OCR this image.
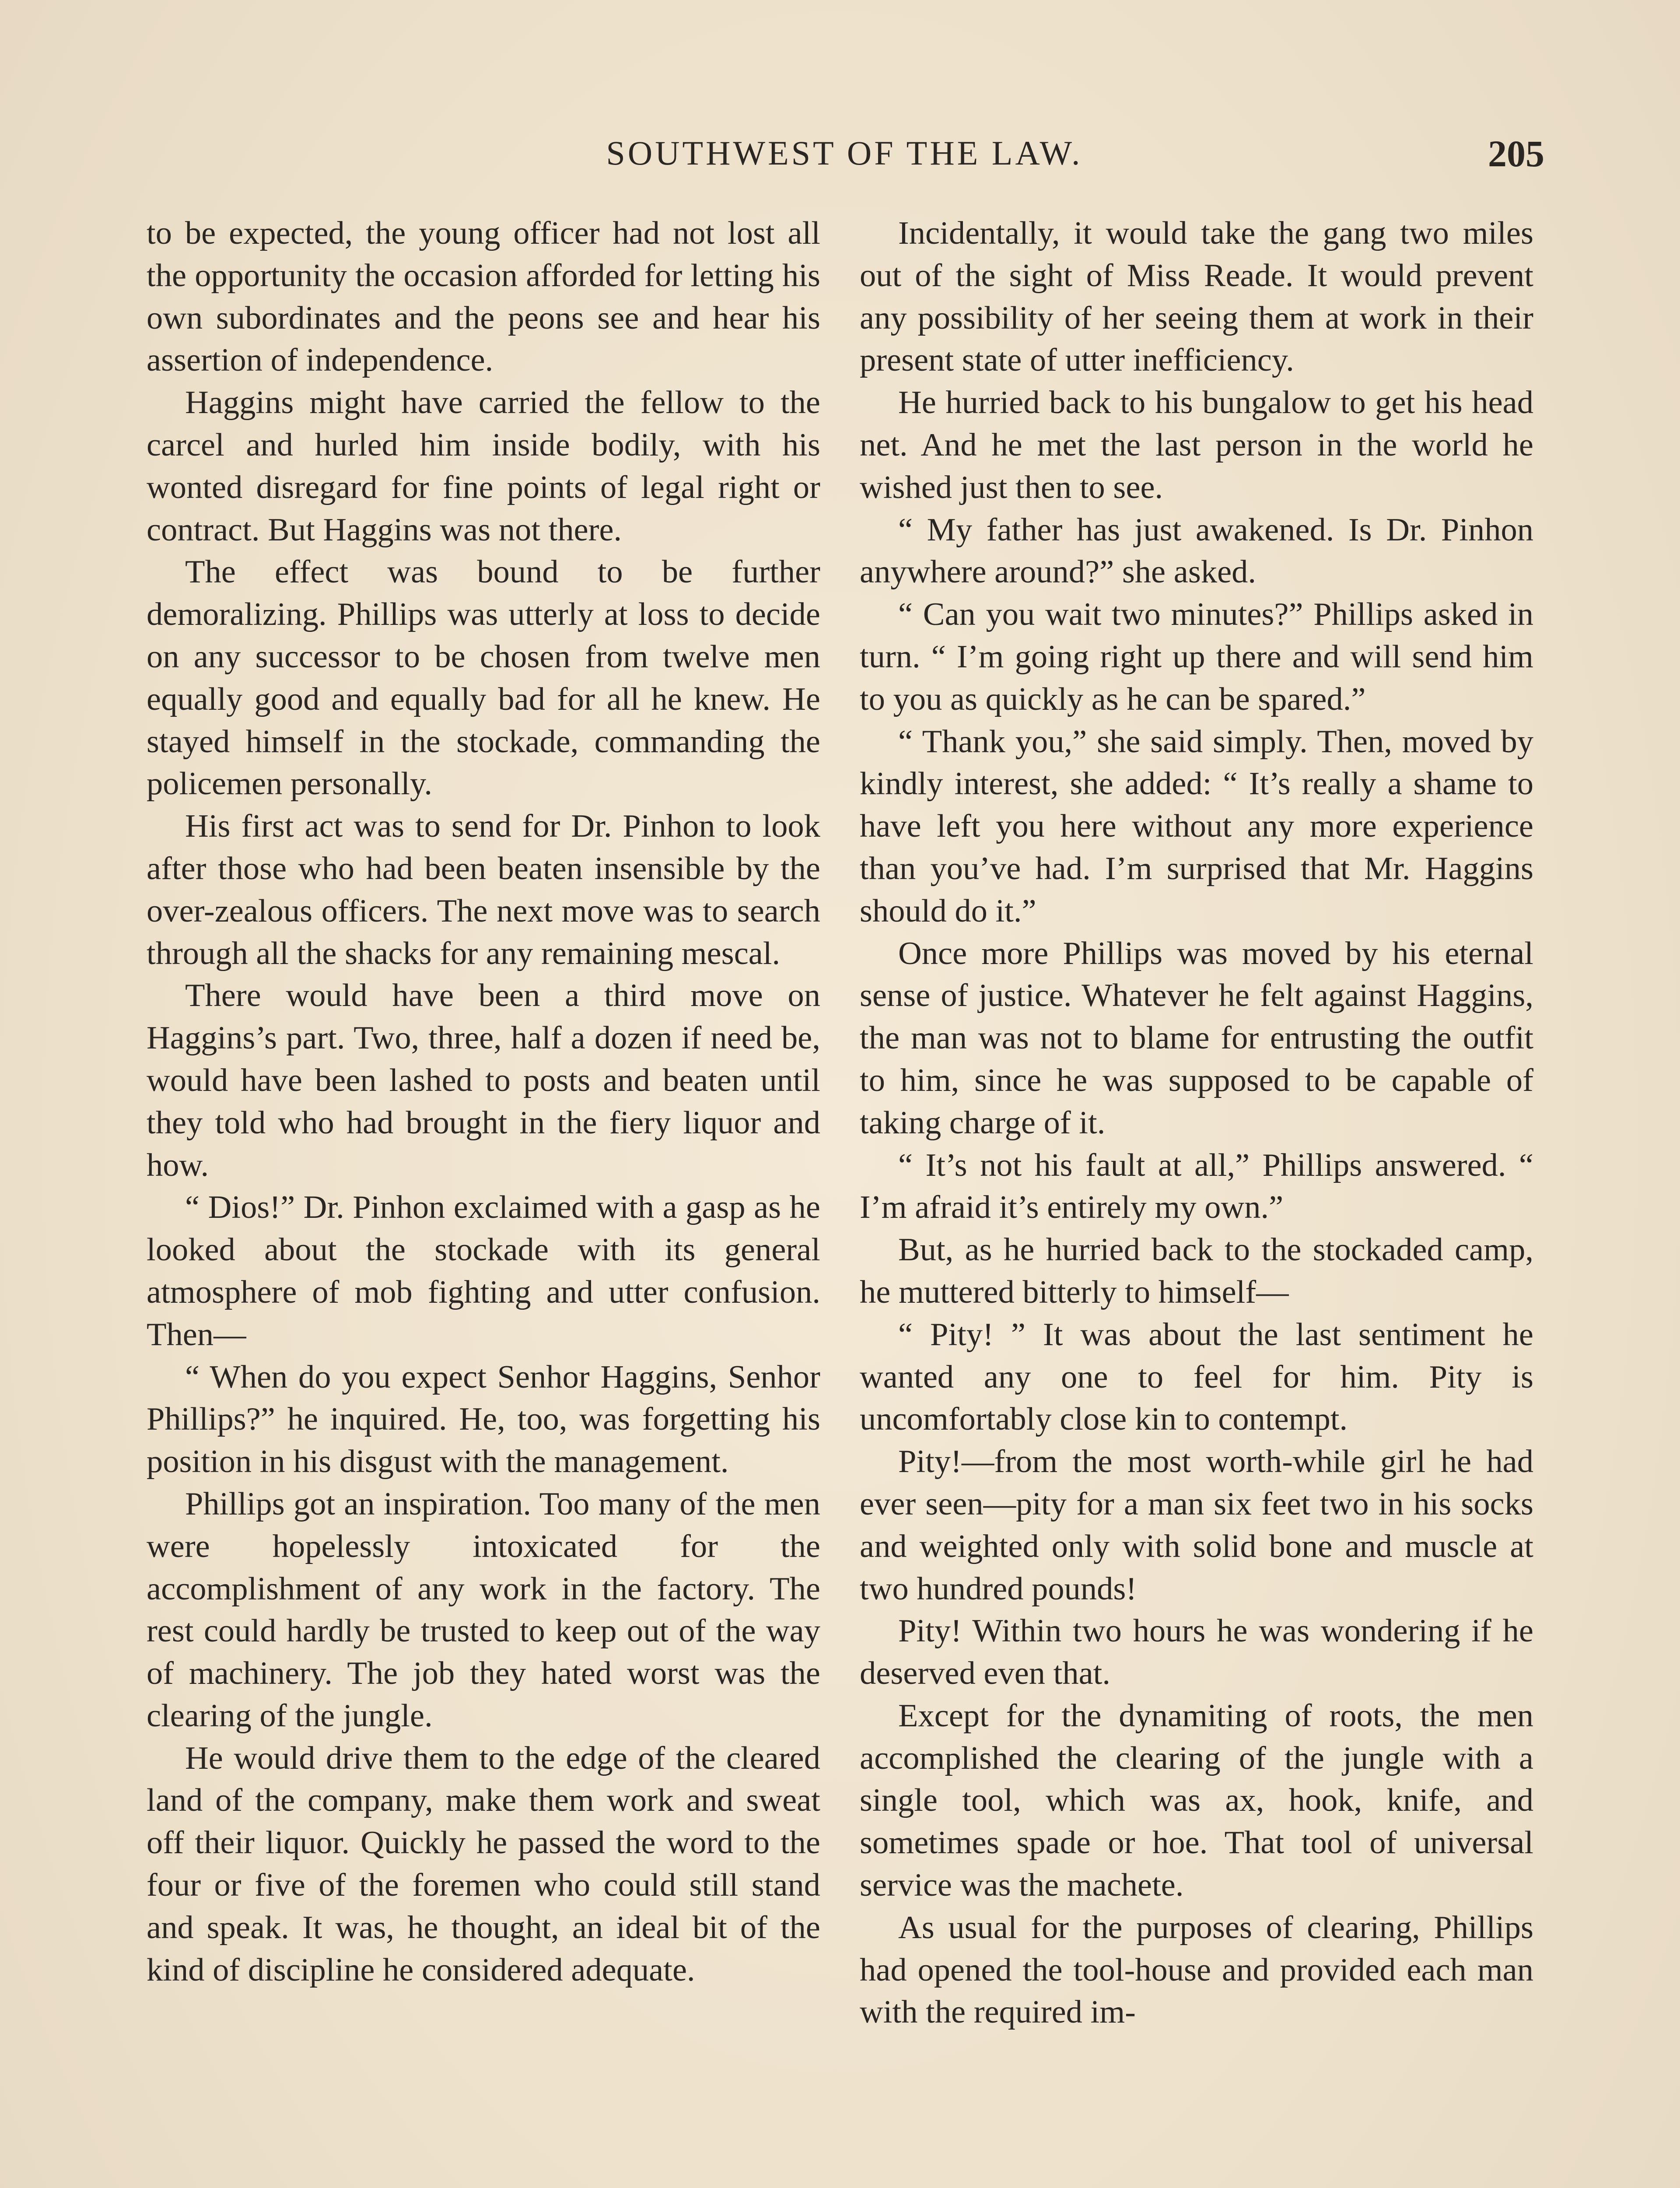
SOUTHWEST OF THE LAW.	205

to be expected, the young officer had not lost all the opportunity the occasion afforded for letting his own subordinates and the peons see and hear his assertion of independence.

Haggins might have carried the fellow to the carcel and hurled him inside bodily, with his wonted disregard for fine points of legal right or contract. But Haggins was not there.

The effect was bound to be further demoralizing. Phillips was utterly at loss to decide on any successor to be chosen from twelve men equally good and equally bad for all he knew. He stayed himself in the stockade, commanding the policemen personally.

His first act was to send for Dr. Pinhon to look after those who had been beaten insensible by the over-zealous officers. The next move was to search through all the shacks for any remaining mescal.

There would have been a third move on Haggins’s part. Two, three, half a dozen if need be, would have been lashed to posts and beaten until they told who had brought in the fiery liquor and how.

“ Dios!” Dr. Pinhon exclaimed with a gasp as he looked about the stockade with its general atmosphere of mob fighting and utter confusion. Then—

“ When do you expect Senhor Haggins, Senhor Phillips?” he inquired. He, too, was forgetting his position in his disgust with the management.

Phillips got an inspiration. Too many of the men were hopelessly intoxicated for the accomplishment of any work in the factory. The rest could hardly be trusted to keep out of the way of machinery. The job they hated worst was the clearing of the jungle.

He would drive them to the edge of the cleared land of the company, make them work and sweat off their liquor. Quickly he passed the word to the four or five of the foremen who could still stand and speak. It was, he thought, an ideal bit of the kind of discipline he considered adequate.

Incidentally, it would take the gang two miles out of the sight of Miss Reade. It would prevent any possibility of her seeing them at work in their present state of utter inefficiency.

He hurried back to his bungalow to get his head net. And he met the last person in the world he wished just then to see.

“ My father has just awakened. Is Dr. Pinhon anywhere around?” she asked.

“ Can you wait two minutes?” Phillips asked in turn. “ I’m going right up there and will send him to you as quickly as he can be spared.”

“ Thank you,” she said simply. Then, moved by kindly interest, she added: “ It’s really a shame to have left you here without any more experience than you’ve had. I’m surprised that Mr. Haggins should do it.”

Once more Phillips was moved by his eternal sense of justice. Whatever he felt against Haggins, the man was not to blame for entrusting the outfit to him, since he was supposed to be capable of taking charge of it.

“ It’s not his fault at all,” Phillips answered. “ I’m afraid it’s entirely my own.”

But, as he hurried back to the stockaded camp, he muttered bitterly to himself—

“ Pity! ” It was about the last sentiment he wanted any one to feel for him. Pity is uncomfortably close kin to contempt.

Pity!—from the most worth-while girl he had ever seen—pity for a man six feet two in his socks and weighted only with solid bone and muscle at two hundred pounds!

Pity! Within two hours he was wondering if he deserved even that.

Except for the dynamiting of roots, the men accomplished the clearing of the jungle with a single tool, which was ax, hook, knife, and sometimes spade or hoe. That tool of universal service was the machete.

As usual for the purposes of clearing, Phillips had opened the tool-house and provided each man with the required im-
